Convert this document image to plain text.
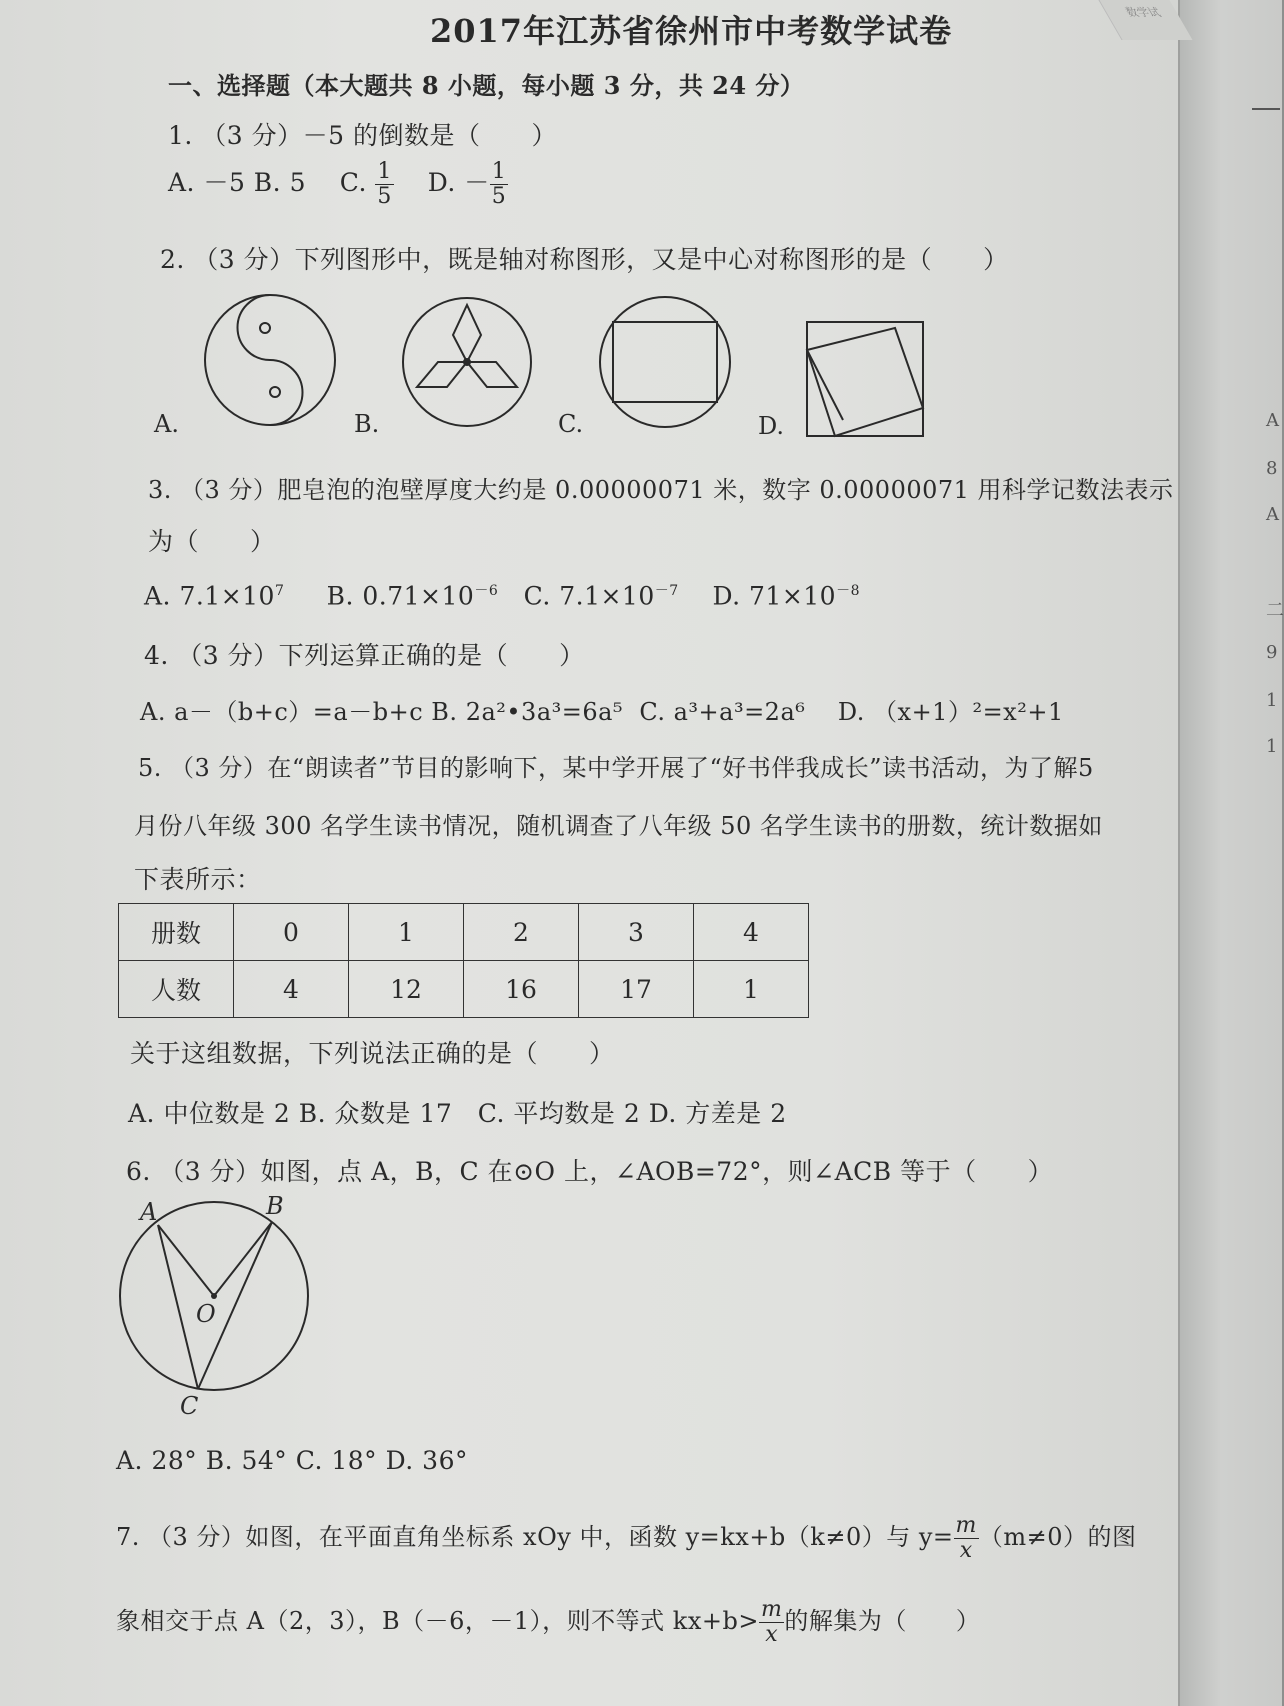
A
8
A
二
9
1
1
数学试
2017年江苏省徐州市中考数学试卷
一、选择题（本大题共 8 小题，每小题 3 分，共 24 分）
1. （3 分）－5 的倒数是（　　）
A. －5 B. 5 C. $\frac{1}{5} D$. － $\frac{1}{5}$
2. （3 分）下列图形中，既是轴对称图形，又是中心对称图形的是（　　）
A.	B.	C.	D.
3. （3 分）肥皂泡的泡壁厚度大约是 0.00000071 米，数字 0.00000071 用科学记数法表示
为（　　）
A. $7.1\times 10^7$ B. $0.71\times 10^{-6}$ C. $7.1\times 10^{-7}$ D. $71\times 10^{-8}$
4. （3 分）下列运算正确的是（　　）
A. a－（b+c）=a－b+c B. 2a²•3a³=6a⁵ C. a³+a³=2a⁶ D. （x+1）²=x²+1
5. （3 分）在“朗读者”节目的影响下，某中学开展了“好书伴我成长”读书活动，为了解5
月份八年级 300 名学生读书情况，随机调查了八年级 50 名学生读书的册数，统计数据如
下表所示：
册数	0	1	2	3	4
人数	4	12	16	17	1
关于这组数据，下列说法正确的是（　　）
A. 中位数是 2 B. 众数是 17　C. 平均数是 2 D. 方差是 2
6. （3 分）如图，点 A，B，C 在⊙O 上，∠AOB=72°，则∠ACB 等于（　　）
A	B
O
C
A. 28° B. 54° C. 18° D. 36°
7. （3 分）如图，在平面直角坐标系 xOy 中，函数 y=kx+b（k≠0）与 $y= \frac{m}{x} (m\ne 0)$的图
象相交于点 A（2，3），B（－6，－1），则不等式 $kx+b> \frac{m}{x}$ 的解集为（　　）
